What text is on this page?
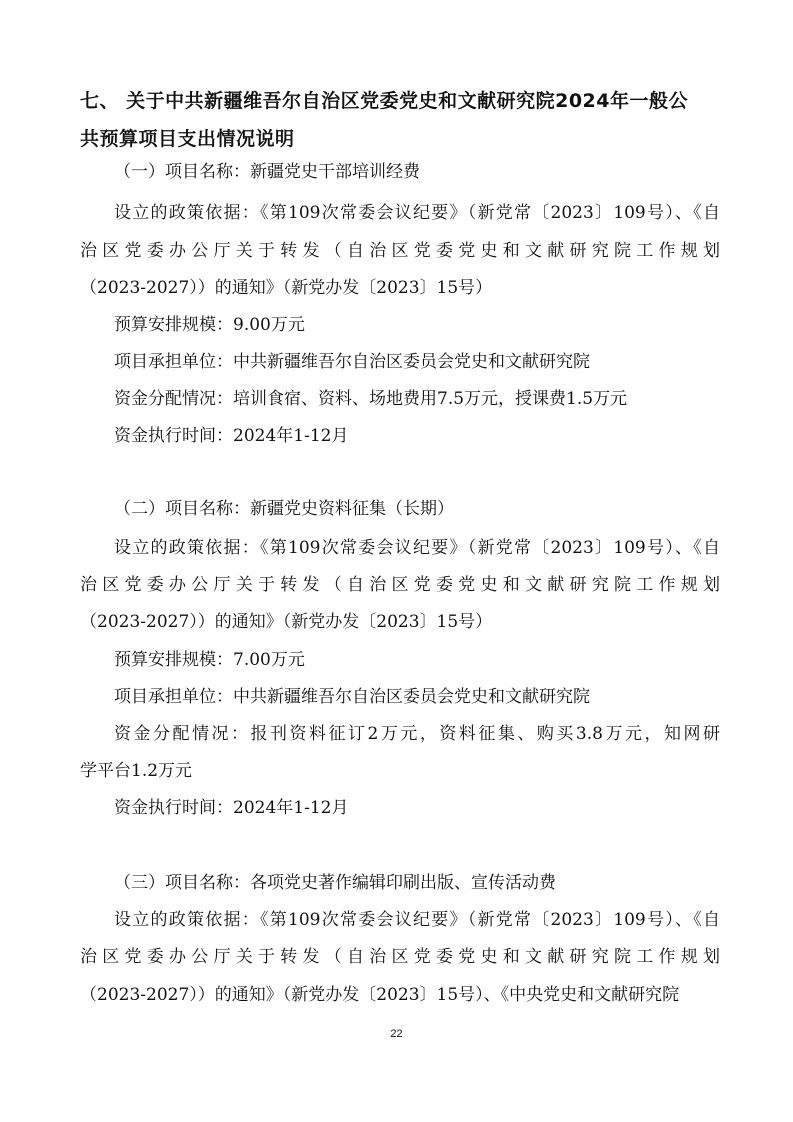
七、 关于中共新疆维吾尔自治区党委党史和文献研究院2024年一般公
共预算项目支出情况说明
（一）项目名称：新疆党史干部培训经费
设立的政策依据：《第109次常委会议纪要》（新党常〔2023〕109号）、《自
治区党委办公厅关于转发（自治区党委党史和文献研究院工作规划
（2023-2027））的通知》（新党办发〔2023〕15号）
预算安排规模：9.00万元
项目承担单位：中共新疆维吾尔自治区委员会党史和文献研究院
资金分配情况：培训食宿、资料、场地费用7.5万元，授课费1.5万元
资金执行时间：2024年1-12月
（二）项目名称：新疆党史资料征集（长期）
设立的政策依据：《第109次常委会议纪要》（新党常〔2023〕109号）、《自
治区党委办公厅关于转发（自治区党委党史和文献研究院工作规划
（2023-2027））的通知》（新党办发〔2023〕15号）
预算安排规模：7.00万元
项目承担单位：中共新疆维吾尔自治区委员会党史和文献研究院
资金分配情况：报刊资料征订2万元，资料征集、购买3.8万元，知网研
学平台1.2万元
资金执行时间：2024年1-12月
（三）项目名称：各项党史著作编辑印刷出版、宣传活动费
设立的政策依据：《第109次常委会议纪要》（新党常〔2023〕109号）、《自
治区党委办公厅关于转发（自治区党委党史和文献研究院工作规划
（2023-2027））的通知》（新党办发〔2023〕15号）、《中央党史和文献研究院
22
